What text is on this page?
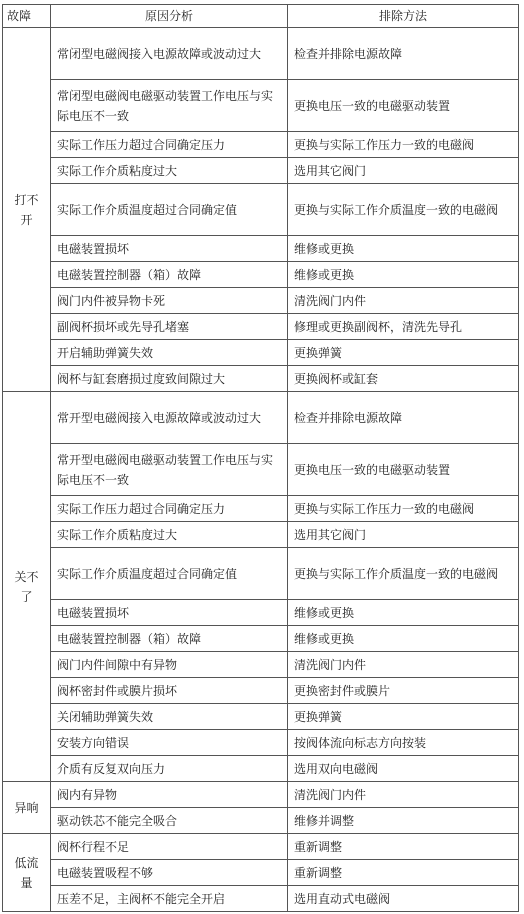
故障	原因分析	排除方法
打不开	常闭型电磁阀接入电源故障或波动过大	检查并排除电源故障
	常闭型电磁阀电磁驱动装置工作电压与实际电压不一致	更换电压一致的电磁驱动装置
	实际工作压力超过合同确定压力	更换与实际工作压力一致的电磁阀
	实际工作介质粘度过大	选用其它阀门
	实际工作介质温度超过合同确定值	更换与实际工作介质温度一致的电磁阀
	电磁装置损坏	维修或更换
	电磁装置控制器（箱）故障	维修或更换
	阀门内件被异物卡死	清洗阀门内件
	副阀杯损坏或先导孔堵塞	修理或更换副阀杯，清洗先导孔
	开启辅助弹簧失效	更换弹簧
	阀杯与缸套磨损过度致间隙过大	更换阀杯或缸套
关不了	常开型电磁阀接入电源故障或波动过大	检查并排除电源故障
	常开型电磁阀电磁驱动装置工作电压与实际电压不一致	更换电压一致的电磁驱动装置
	实际工作压力超过合同确定压力	更换与实际工作压力一致的电磁阀
	实际工作介质粘度过大	选用其它阀门
	实际工作介质温度超过合同确定值	更换与实际工作介质温度一致的电磁阀
	电磁装置损坏	维修或更换
	电磁装置控制器（箱）故障	维修或更换
	阀门内件间隙中有异物	清洗阀门内件
	阀杯密封件或膜片损坏	更换密封件或膜片
	关闭辅助弹簧失效	更换弹簧
	安装方向错误	按阀体流向标志方向按装
	介质有反复双向压力	选用双向电磁阀
异响	阀内有异物	清洗阀门内件
	驱动铁芯不能完全吸合	维修并调整
低流量	阀杯行程不足	重新调整
	电磁装置吸程不够	重新调整
	压差不足，主阀杯不能完全开启	选用直动式电磁阀
